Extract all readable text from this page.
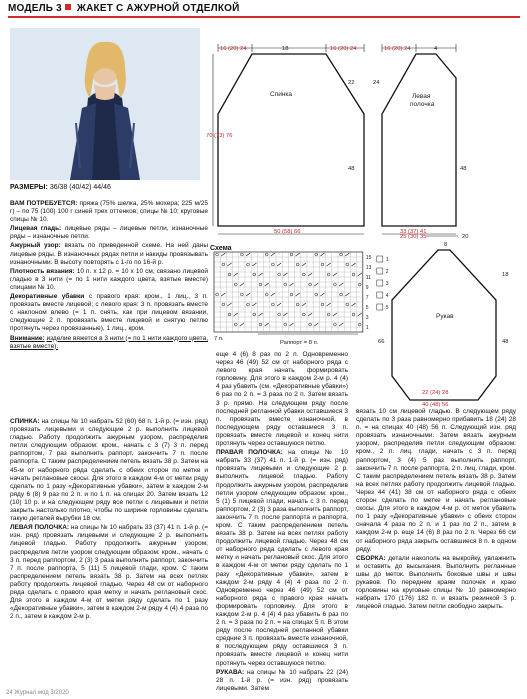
МОДЕЛЬ 3 ЖАКЕТ С АЖУРНОЙ ОТДЕЛКОЙ
РАЗМЕРЫ: 36/38 (40/42) 44/46

ВАМ ПОТРЕБУЕТСЯ: пряжа (75% шелка, 25% мохера; 225 м/25 г) – по 75 (100) 100 г синей трех оттенков; спицы № 10; круговые спицы № 10.

Лицевая гладь: лицевые ряды – лицевые петли, изнаночные ряды – изнаночные петли.

Ажурный узор: вязать по приведенной схеме. На ней даны лицевые ряды. В изнаночных рядах петли и накиды провязывать изнаночными. В высоту повторять с 1-го по 16-й р.

Плотность вязания: 10 п. х 12 р. = 10 х 10 см, связано лицевой гладью в 3 нити (= по 1 нити каждого цвета, взятые вместе) спицами № 10.

Декоративные убавки с правого края: кром., 1 лиц., 3 п. провязать вместе лицевой; с левого края: 3 п. провязать вместе с наклоном влево (= 1 п. снять, как при лицевом вязании, следующие 2 п. провязать вместе лицевой и снятую петлю протянуть через провязанные), 1 лиц., кром.

Внимание: изделие вяжется в 3 нити (= по 1 нити каждого цвета, взятые вместе).

СПИНКА: на спицы № 10 набрать 52 (60) 68 п. 1-й р. (= изн. ряд) провязать лицевыми и следующие 2 р. выполнить лицевой гладью. Работу продолжить ажурным узором, распределив петли следующим образом: кром., начать с 3 (7) 3 п. перед раппортом, 7 раз выполнить раппорт, закончить 7 п. после раппорта. С таким распределением петель вязать 38 р. Затем на 45-м от наборного ряда сделать с обеих сторон по метке и начать реглановые скосы. Для этого в каждом 4-м от метки ряду сделать по 1 разу «Декоративные убавки», затем в каждом 2-м ряду 6 (8) 9 раз по 2 п. и по 1 п. на спицах 20. Затем вязать 12 (10) 10 р. и на следующем ряду все петли с лицевыми и петли закрыть настолько плотно, чтобы по ширине горловины сделать такую деталей вырубки 18 см.

ЛЕВАЯ ПОЛОЧКА: на спицы № 10 набрать 33 (37) 41 п. 1-й р. (= изн. ряд) провязать лицевыми и следующие 2 р. выполнить лицевой гладью. Работу продолжить ажурным узором, распределив петли узором следующим образом: кром., начать с 3 п. перед раппортом, 2 (3) 3 раза выполнить раппорт, закончить 7 п. после раппорта, 5 (11) 5 лицевой глади, кром. С таким распределением петель вязать 38 р. Затем на всех петлях работу продолжить лицевой гладью. Через 48 см от наборного ряда сделать с правого края метку и начать реглановый скос. Для этого в каждом 4-м от метки ряду сделать по 1 разу «Декоративные убавки», затем в каждом 2-м ряду 4 (4) 4 раза по 2 п., затем в каждом 2-м р.

еще 4 (6) 8 раз по 2 п. Одновременно через 46 (49) 52 см от наборного ряда с левого края начать формировать горловину. Для этого в каждом 2-м р. 4 (4) 4 раз убавить (см. «Декоративные убавки») 6 раз по 2 п. = 3 раза по 2 п. Затем вязать 3 р. прямо. На следующем ряду после последней регланной убавки оставшиеся 3 п. провязать вместе изнаночной, в последующем ряду оставшиеся 3 п. провязать вместе лицевой и конец нити протянуть через оставшуюся петлю.

ПРАВАЯ ПОЛОЧКА: на спицы № 10 набрать 33 (37) 41 п. 1-й р. (= изн. ряд) провязать лицевыми и следующие 2 р. выполнить лицевой гладью. Работу продолжить ажурным узором, распределив петли узором следующим образом: кром., 5 (1) 5 лицевой глади, начать с 3 п. перед раппортом, 2 (3) 3 раза выполнить раппорт, закончить 7 п. после раппорта и раппорта, кром. С таким распределением петель вязать 38 р. Затем на всех петлях работу продолжить лицевой гладью. Через 48 см от наборного ряда сделать с левого края метку и начать реглановый скос. Для этого в каждом 4-м от метки ряду сделать по 1 разу «Декоративные убавки», затем в каждом 2-м ряду 4 (4) 4 раза по 2 п. Одновременно через 46 (49) 52 см от наборного ряда с правого края начать формировать горловину. Для этого в каждом 2-м р. 4 (4) 4 раз убавить 6 раз по 2 п. = 3 раза по 2 п. = на спицах 5 п. В этом ряду после последней регланной убавки средние 3 п. провязать вместе изнаночной, в последующем ряду оставшиеся 3 п. провязать вместе лицевой и конец нити протянуть через оставшуюся петлю.

РУКАВА: на спицы № 10 набрать 22 (24) 28 п. 1-й р. (= изн. ряд) провязать лицевыми. Затем

вязать 10 см лицевой гладью. В следующем ряду сделать по 3 раза равномерно прибавить 18 (24) 28 п. = на спицах 40 (48) 56 п. Следующий изн. ряд провязать изнаночными. Затем вязать ажурным узором, распределив петли следующим образом: кром., 2 п. лиц. глади, начать с 3 п. перед раппортом, 3 (4) 5 раз выполнить раппорт, закончить 7 п. после раппорта, 2 п. лиц. глади, кром. С таким распределением петель вязать 38 р. Затем на всех петлях работу продолжить лицевой гладью. Через 44 (41) 38 см от наборного ряда с обеих сторон сделать по метке и начать реглановые скосы. Для этого в каждом 4-м р. от меток убавить по 1 разу «Декоративные убавки» с обеих сторон сначала 4 раза по 2 п. и 1 раз по 2 п., затем в каждом 2-м р. еще 14 (6) 8 раз по 2 п. Через 66 см от наборного ряда закрыть оставшиеся 8 п. в одном ряду.

СБОРКА: детали накололь на выкройку, увлажнить и оставить до высыхания. Выполнить регланные швы до меток. Выполнить боковые швы и швы рукавов. По переднем краям полочек и краю горловины на круговые спицы № 10 равномерно набрать 170 (176) 182 п. и вязать резинкой 3 р. лицевой гладью. Затем петли свободно закрыть.

16 (20) 24	18	16 (20) 24
Спинка
70 (73) 76
22
48
50 (58) 66
16 (20) 24	4
Левая
полочка
24
48
33 (37) 41
25 (30) 35	20
8
Рукав
18
48
66
22 (24) 28
40 (48) 56
Схема
15
13
11
9
7
5
3
1
7 п.
Раппорт = 8 п.
1
2
3
4
5
24 Журнал мод 3/2020
